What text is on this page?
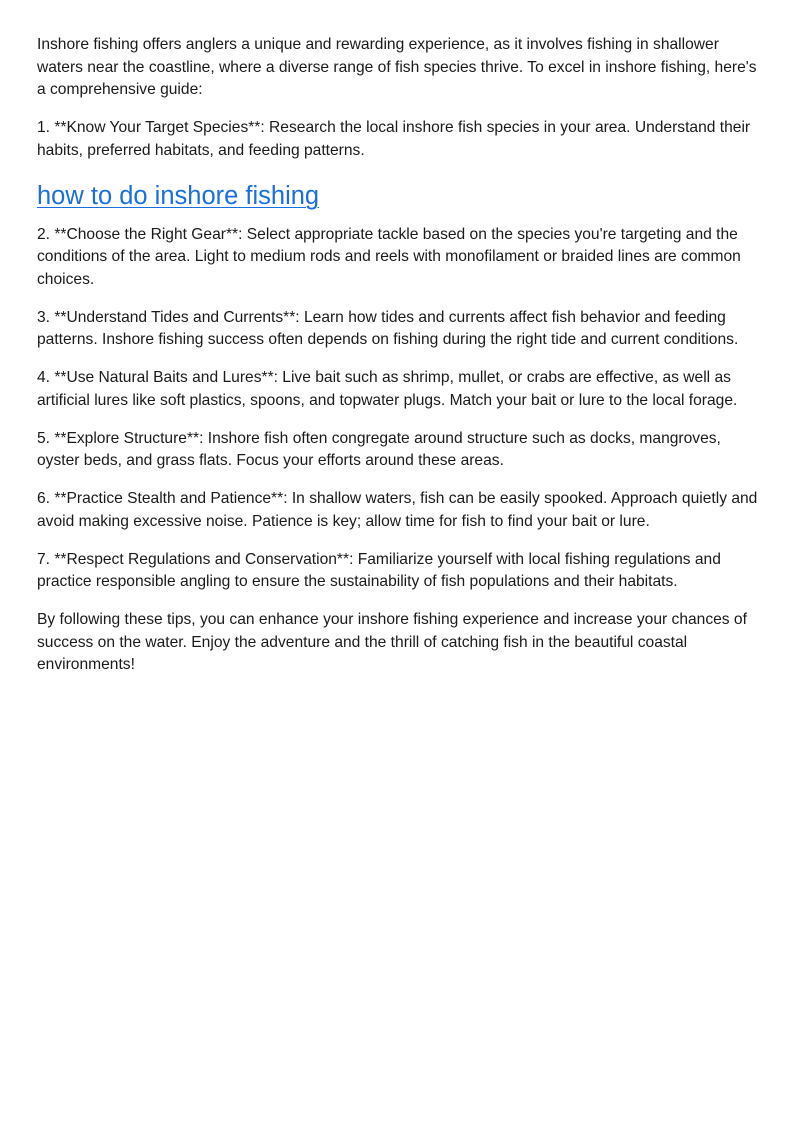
Inshore fishing offers anglers a unique and rewarding experience, as it involves fishing in shallower waters near the coastline, where a diverse range of fish species thrive. To excel in inshore fishing, here's a comprehensive guide:

1. **Know Your Target Species**: Research the local inshore fish species in your area. Understand their habits, preferred habitats, and feeding patterns.

how to do inshore fishing

2. **Choose the Right Gear**: Select appropriate tackle based on the species you're targeting and the conditions of the area. Light to medium rods and reels with monofilament or braided lines are common choices.

3. **Understand Tides and Currents**: Learn how tides and currents affect fish behavior and feeding patterns. Inshore fishing success often depends on fishing during the right tide and current conditions.

4. **Use Natural Baits and Lures**: Live bait such as shrimp, mullet, or crabs are effective, as well as artificial lures like soft plastics, spoons, and topwater plugs. Match your bait or lure to the local forage.

5. **Explore Structure**: Inshore fish often congregate around structure such as docks, mangroves, oyster beds, and grass flats. Focus your efforts around these areas.

6. **Practice Stealth and Patience**: In shallow waters, fish can be easily spooked. Approach quietly and avoid making excessive noise. Patience is key; allow time for fish to find your bait or lure.

7. **Respect Regulations and Conservation**: Familiarize yourself with local fishing regulations and practice responsible angling to ensure the sustainability of fish populations and their habitats.

By following these tips, you can enhance your inshore fishing experience and increase your chances of success on the water. Enjoy the adventure and the thrill of catching fish in the beautiful coastal environments!
